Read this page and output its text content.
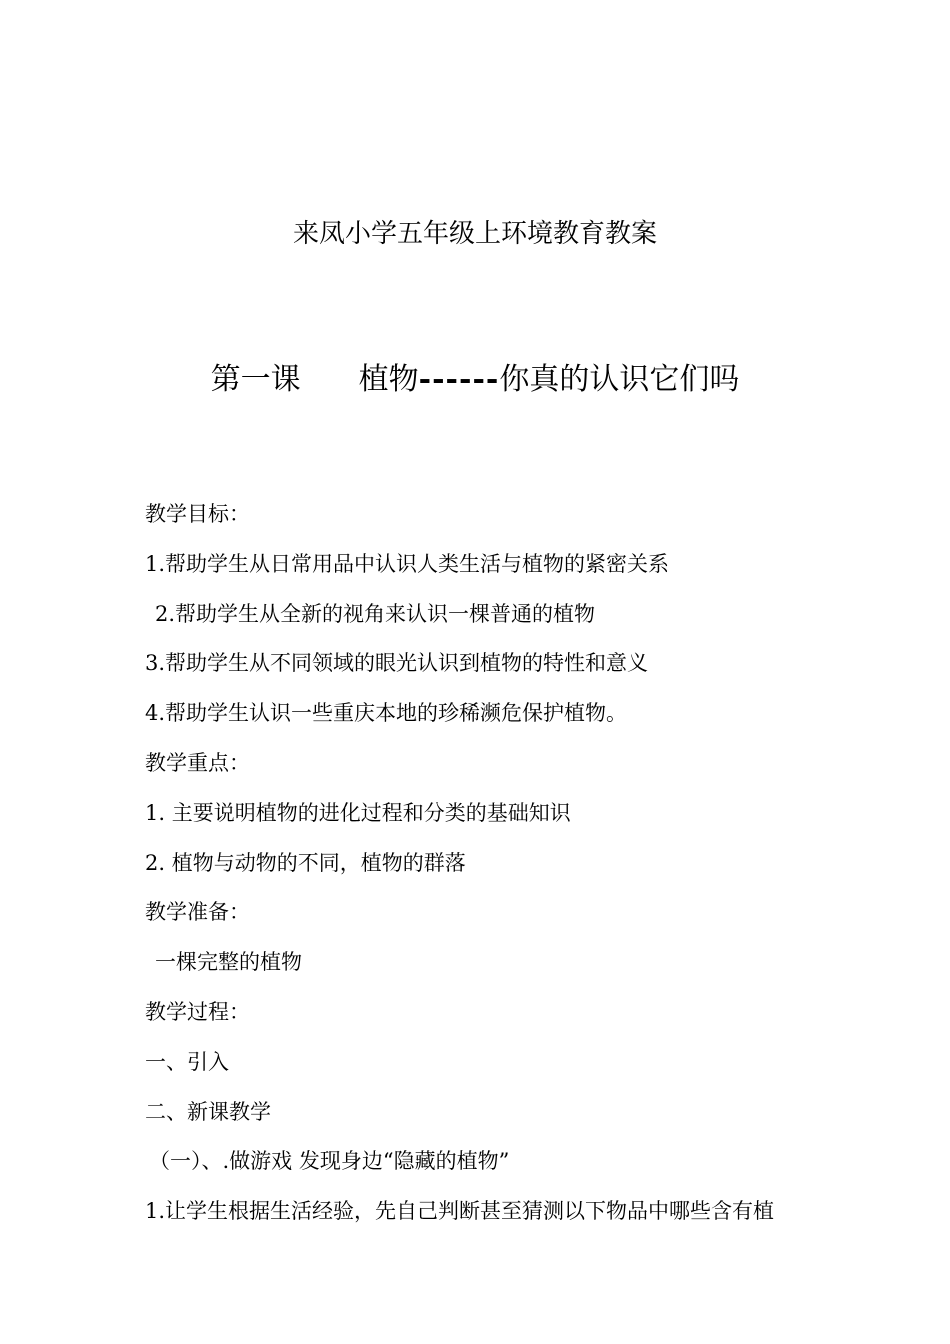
来凤小学五年级上环境教育教案
第一课 植物------你真的认识它们吗
教学目标：
1.帮助学生从日常用品中认识人类生活与植物的紧密关系
2.帮助学生从全新的视角来认识一棵普通的植物
3.帮助学生从不同领域的眼光认识到植物的特性和意义
4.帮助学生认识一些重庆本地的珍稀濒危保护植物。
教学重点：
1. 主要说明植物的进化过程和分类的基础知识
2. 植物与动物的不同，植物的群落
教学准备：
一棵完整的植物
教学过程：
一、引入
二、新课教学
（一）、.做游戏 发现身边“隐藏的植物”
1.让学生根据生活经验，先自己判断甚至猜测以下物品中哪些含有植
